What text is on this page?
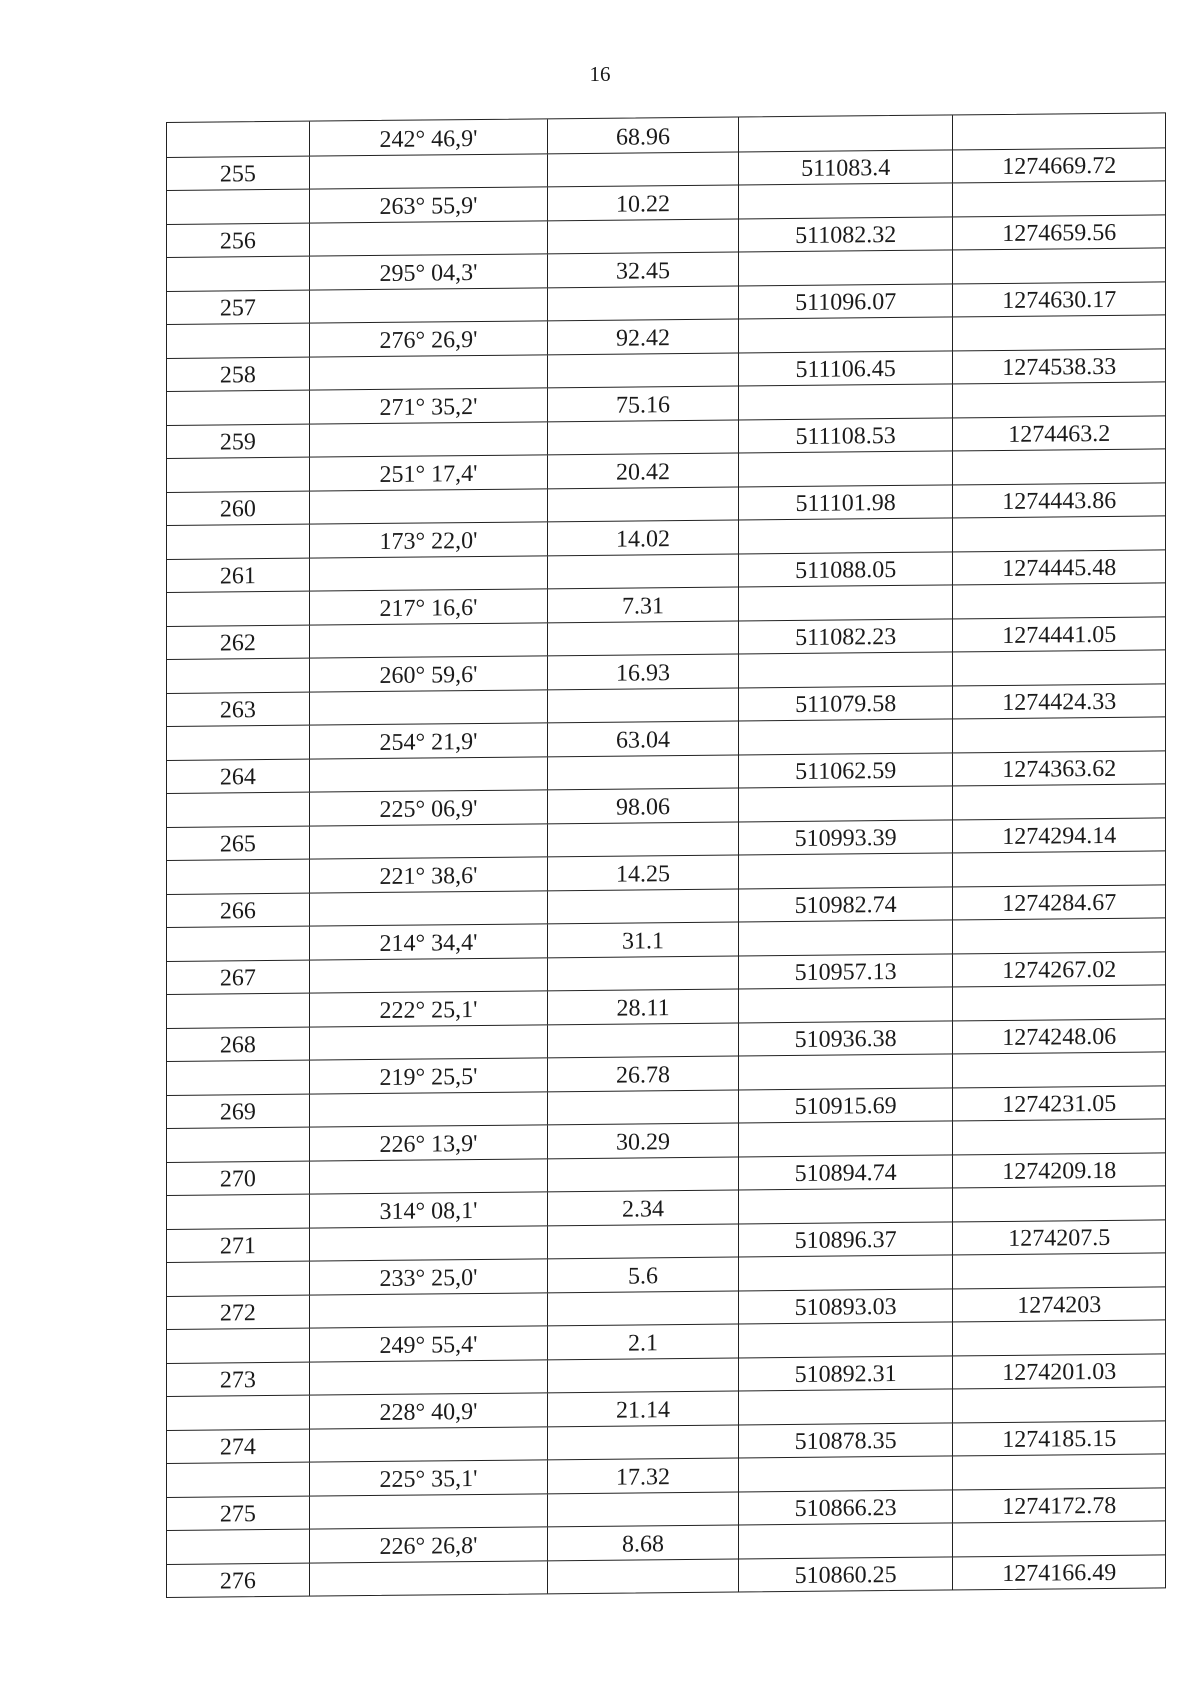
16
242° 46,9'	68.96
255	511083.4	1274669.72
263° 55,9'	10.22
256	511082.32	1274659.56
295° 04,3'	32.45
257	511096.07	1274630.17
276° 26,9'	92.42
258	511106.45	1274538.33
271° 35,2'	75.16
259	511108.53	1274463.2
251° 17,4'	20.42
260	511101.98	1274443.86
173° 22,0'	14.02
261	511088.05	1274445.48
217° 16,6'	7.31
262	511082.23	1274441.05
260° 59,6'	16.93
263	511079.58	1274424.33
254° 21,9'	63.04
264	511062.59	1274363.62
225° 06,9'	98.06
265	510993.39	1274294.14
221° 38,6'	14.25
266	510982.74	1274284.67
214° 34,4'	31.1
267	510957.13	1274267.02
222° 25,1'	28.11
268	510936.38	1274248.06
219° 25,5'	26.78
269	510915.69	1274231.05
226° 13,9'	30.29
270	510894.74	1274209.18
314° 08,1'	2.34
271	510896.37	1274207.5
233° 25,0'	5.6
272	510893.03	1274203
249° 55,4'	2.1
273	510892.31	1274201.03
228° 40,9'	21.14
274	510878.35	1274185.15
225° 35,1'	17.32
275	510866.23	1274172.78
226° 26,8'	8.68
276	510860.25	1274166.49
